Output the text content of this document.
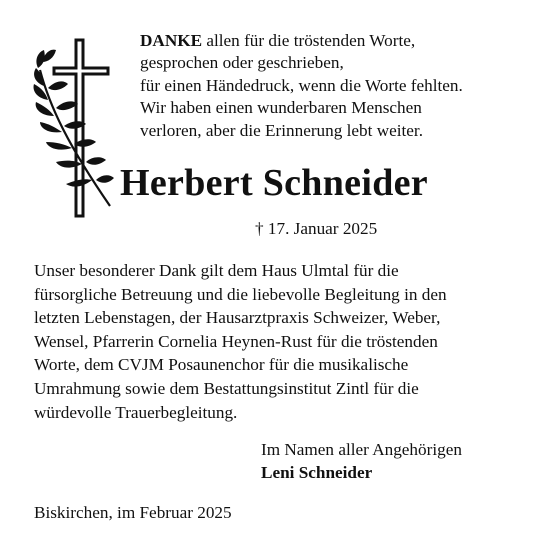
DANKE allen für die tröstenden Worte,
gesprochen oder geschrieben,
für einen Händedruck, wenn die Worte fehlten.
Wir haben einen wunderbaren Menschen
verloren, aber die Erinnerung lebt weiter.
Herbert Schneider
† 17. Januar 2025
Unser besonderer Dank gilt dem Haus Ulmtal für die
fürsorgliche Betreuung und die liebevolle Begleitung in den
letzten Lebenstagen, der Hausarztpraxis Schweizer, Weber,
Wensel, Pfarrerin Cornelia Heynen-Rust für die tröstenden
Worte, dem CVJM Posaunenchor für die musikalische
Umrahmung sowie dem Bestattungsinstitut Zintl für die
würdevolle Trauerbegleitung.
Im Namen aller Angehörigen
Leni Schneider
Biskirchen, im Februar 2025
